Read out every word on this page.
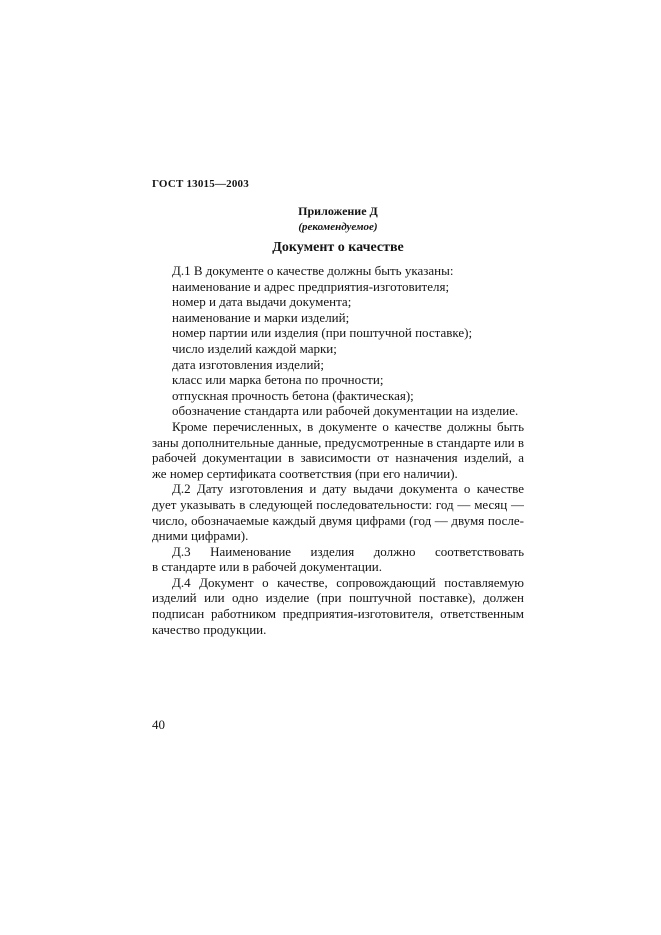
ГОСТ 13015—2003
Приложение Д
(рекомендуемое)
Документ о качестве
Д.1 В документе о качестве должны быть указаны:
наименование и адрес предприятия-изготовителя;
номер и дата выдачи документа;
наименование и марки изделий;
номер партии или изделия (при поштучной поставке);
число изделий каждой марки;
дата изготовления изделий;
класс или марка бетона по прочности;
отпускная прочность бетона (фактическая);
обозначение стандарта или рабочей документации на изделие.
Кроме перечисленных, в документе о качестве должны быть
заны дополнительные данные, предусмотренные в стандарте или в
рабочей документации в зависимости от назначения изделий, а
же номер сертификата соответствия (при его наличии).
Д.2 Дату изготовления и дату выдачи документа о качестве
дует указывать в следующей последовательности: год — месяц —
число, обозначаемые каждый двумя цифрами (год — двумя после-
дними цифрами).
Д.3 Наименование изделия должно соответствовать
в стандарте или в рабочей документации.
Д.4 Документ о качестве, сопровождающий поставляемую
изделий или одно изделие (при поштучной поставке), должен
подписан работником предприятия-изготовителя, ответственным
качество продукции.
40
